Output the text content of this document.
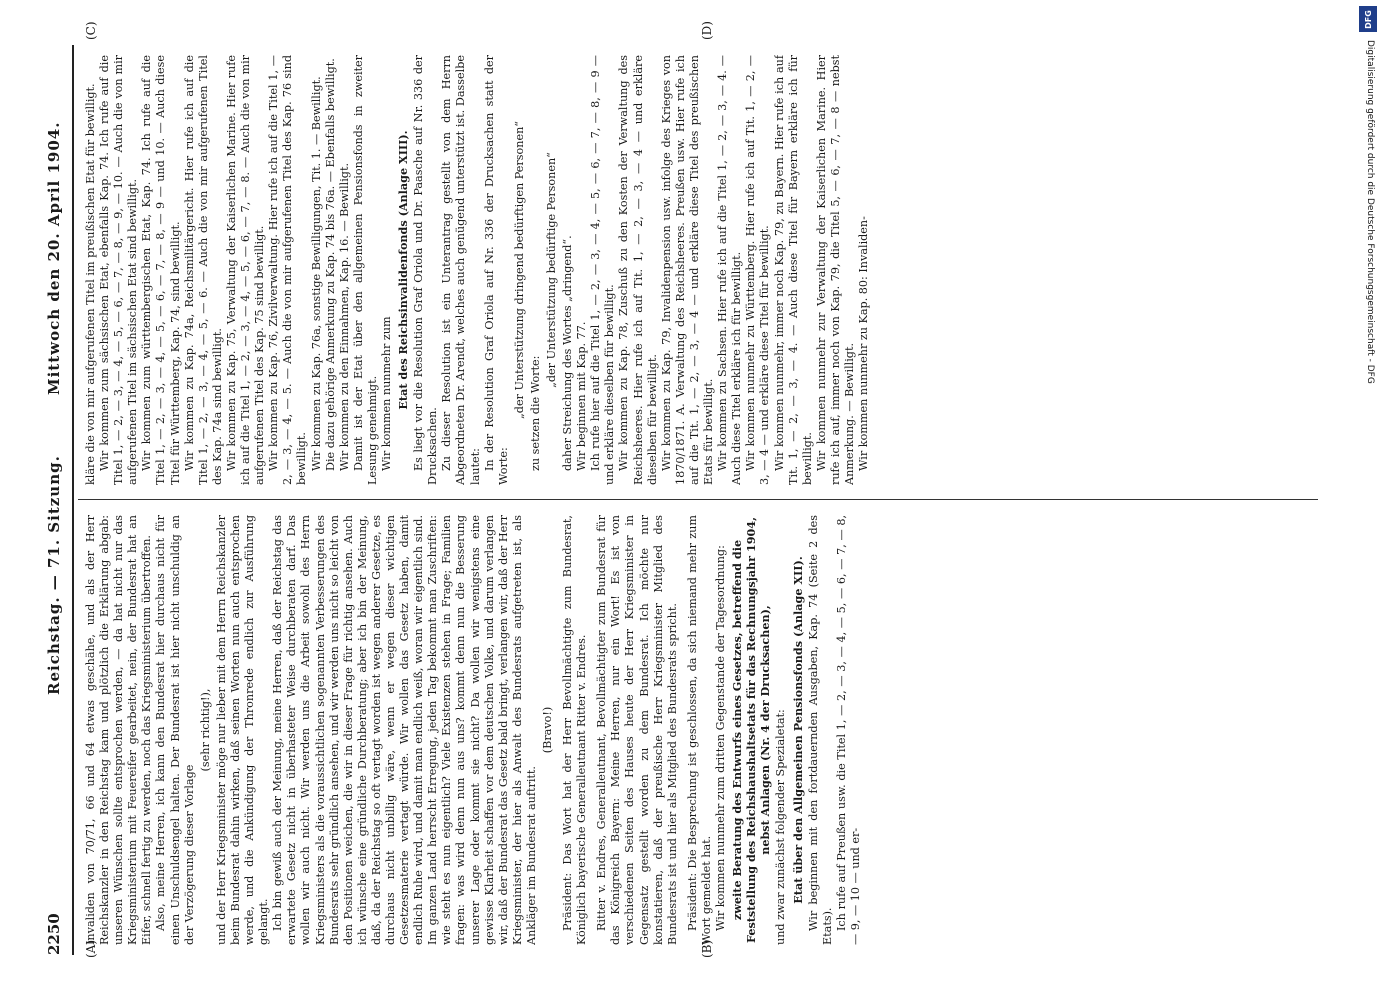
2250
Reichstag. — 71. Sitzung.
Mittwoch den 20. April 1904.
(A)	(B)
(C)	(D)

Invaliden von 70/71, 66 und 64 etwas geschähe, und als der Herr Reichskanzler in den Reichstag kam und plötzlich die Erklärung abgab: unseren Wünschen sollte entsprochen werden, — da hat nicht nur das Kriegsministerium mit Feuereifer gearbeitet, nein, der Bundesrat hat an Eifer, schnell fertig zu werden, noch das Kriegsministerium übertroffen. Also, meine Herren, ich kann den Bundesrat hier durchaus nicht für einen Unschuldsengel halten. Der Bundesrat ist hier nicht unschuldig an der Verzögerung dieser Vorlage

(sehr richtig!), und der Herr Kriegsminister möge nur lieber mit dem Herrn Reichskanzler beim Bundesrat dahin wirken, daß seinen Worten nun auch entsprochen werde, und die Ankündigung der Thronrede endlich zur Ausführung gelangt. Ich bin gewiß auch der Meinung, meine Herren, daß der Reichstag das erwartete Gesetz nicht in überhasteter Weise durchberaten darf. Das wollen wir auch nicht. Wir werden uns die Arbeit sowohl des Herrn Kriegsministers als die voraussichtlichen sogenannten Verbesserungen des Bundesrats sehr gründlich ansehen, und wir werden uns nicht so leicht von den Positionen weichen, die wir in dieser Frage für richtig ansehen. Auch ich wünsche eine gründliche Durchberatung; aber ich bin der Meinung, daß, da der Reichstag so oft vertagt worden ist wegen anderer Gesetze, es durchaus nicht unbillig wäre, wenn er wegen dieser wichtigen Gesetzesmaterie vertagt würde. Wir wollen das Gesetz haben, damit endlich Ruhe wird, und damit man endlich weiß, woran wir eigentlich sind. Im ganzen Land herrscht Erregung, jeden Tag bekommt man Zuschriften: wie steht es nun eigentlich? Viele Existenzen stehen in Frage; Familien fragen: was wird denn nun aus uns? kommt denn nun die Besserung unserer Lage oder kommt sie nicht? Da wollen wir wenigstens eine gewisse Klarheit schaffen vor dem deutschen Volke, und darum verlangen wir, daß der Bundesrat das Gesetz bald bringt, verlangen wir, daß der Herr Kriegsminister, der hier als Anwalt des Bundesrats aufgetreten ist, als Ankläger im Bundesrat auftritt.

(Bravo!) Präsident: Das Wort hat der Herr Bevollmächtigte zum Bundesrat, Königlich bayerische Generalleutnant Ritter v. Endres. Ritter v. Endres, Generalleutnant, Bevollmächtigter zum Bundesrat für das Königreich Bayern: Meine Herren, nur ein Wort! Es ist von verschiedenen Seiten des Hauses heute der Herr Kriegsminister in Gegensatz gestellt worden zu dem Bundesrat. Ich möchte nur konstatieren, daß der preußische Herr Kriegsminister Mitglied des Bundesrats ist und hier als Mitglied des Bundesrats spricht. Präsident: Die Besprechung ist geschlossen, da sich niemand mehr zum Wort gemeldet hat. Wir kommen nunmehr zum dritten Gegenstande der Tagesordnung: zweite Beratung des Entwurfs eines Gesetzes, betreffend die Feststellung des Reichshaushaltsetats für das Rechnungsjahr 1904, nebst Anlagen (Nr. 4 der Drucksachen), und zwar zunächst folgender Spezialetat: Etat über den Allgemeinen Pensionsfonds (Anlage XII). Wir beginnen mit den fortdauernden Ausgaben, Kap. 74 (Seite 2 des Etats). Ich rufe auf Preußen usw. die Titel 1, — 2, — 3, — 4, — 5, — 6, — 7, — 8, — 9, — 10 — und er-

kläre die von mir aufgerufenen Titel im preußischen Etat für bewilligt. Wir kommen zum sächsischen Etat, ebenfalls Kap. 74. Ich rufe auf die Titel 1, — 2, — 3, — 4, — 5, — 6, — 7, — 8, — 9, — 10. — Auch die von mir aufgerufenen Titel im sächsischen Etat sind bewilligt. Wir kommen zum württembergischen Etat, Kap. 74. Ich rufe auf die Titel 1, — 2, — 3, — 4, — 5, — 6, — 7, — 8, — 9 — und 10. — Auch diese Titel für Württemberg, Kap. 74, sind bewilligt. Wir kommen zu Kap. 74a, Reichsmilitärgericht. Hier rufe ich auf die Titel 1, — 2, — 3, — 4, — 5, — 6. — Auch die von mir aufgerufenen Titel des Kap. 74a sind bewilligt. Wir kommen zu Kap. 75, Verwaltung der Kaiserlichen Marine. Hier rufe ich auf die Titel 1, — 2, — 3, — 4, — 5, — 6, — 7, — 8. — Auch die von mir aufgerufenen Titel des Kap. 75 sind bewilligt. Wir kommen zu Kap. 76, Zivilverwaltung. Hier rufe ich auf die Titel 1, — 2, — 3, — 4, — 5. — Auch die von mir aufgerufenen Titel des Kap. 76 sind bewilligt. Wir kommen zu Kap. 76a, sonstige Bewilligungen, Tit. 1. — Bewilligt. Die dazu gehörige Anmerkung zu Kap. 74 bis 76a. — Ebenfalls bewilligt. Wir kommen zu den Einnahmen, Kap. 16. — Bewilligt. Damit ist der Etat über den allgemeinen Pensionsfonds in zweiter Lesung genehmigt. Wir kommen nunmehr zum Etat des Reichsinvalidenfonds (Anlage XIII). Es liegt vor die Resolution Graf Oriola und Dr. Paasche auf Nr. 336 der Drucksachen. Zu dieser Resolution ist ein Unterantrag gestellt von dem Herrn Abgeordneten Dr. Arendt, welches auch genügend unterstützt ist. Dasselbe lautet: In der Resolution Graf Oriola auf Nr. 336 der Drucksachen statt der Worte:

„der Unterstützung dringend bedürftigen Personen“ zu setzen die Worte:

„der Unterstützung bedürftige Personen“ daher Streichung des Wortes „dringend“. Wir beginnen mit Kap. 77. Ich rufe hier auf die Titel 1, — 2, — 3, — 4, — 5, — 6, — 7, — 8, — 9 — und erkläre dieselben für bewilligt. Wir kommen zu Kap. 78, Zuschuß zu den Kosten der Verwaltung des Reichsheeres. Hier rufe ich auf Tit. 1, — 2, — 3, — 4 — und erkläre dieselben für bewilligt. Wir kommen zu Kap. 79, Invalidenpension usw. infolge des Krieges von 1870/1871. A. Verwaltung des Reichsheeres. Preußen usw. Hier rufe ich auf die Tit. 1, — 2, — 3, — 4 — und erkläre diese Titel des preußischen Etats für bewilligt. Wir kommen zu Sachsen. Hier rufe ich auf die Titel 1, — 2, — 3, — 4. — Auch diese Titel erkläre ich für bewilligt. Wir kommen nunmehr zu Württemberg. Hier rufe ich auf Tit. 1, — 2, — 3, — 4 — und erkläre diese Titel für bewilligt. Wir kommen nunmehr, immer noch Kap. 79, zu Bayern. Hier rufe ich auf Tit. 1, — 2, — 3, — 4. — Auch diese Titel für Bayern erkläre ich für bewilligt. Wir kommen nunmehr zur Verwaltung der Kaiserlichen Marine. Hier rufe ich auf, immer noch von Kap. 79, die Titel 5, — 6, — 7, — 8 — nebst Anmerkung. — Bewilligt. Wir kommen nunmehr zu Kap. 80: Invaliden-

DFG
Digitalisierung gefördert durch die Deutsche Forschungsgemeinschaft - DFG
